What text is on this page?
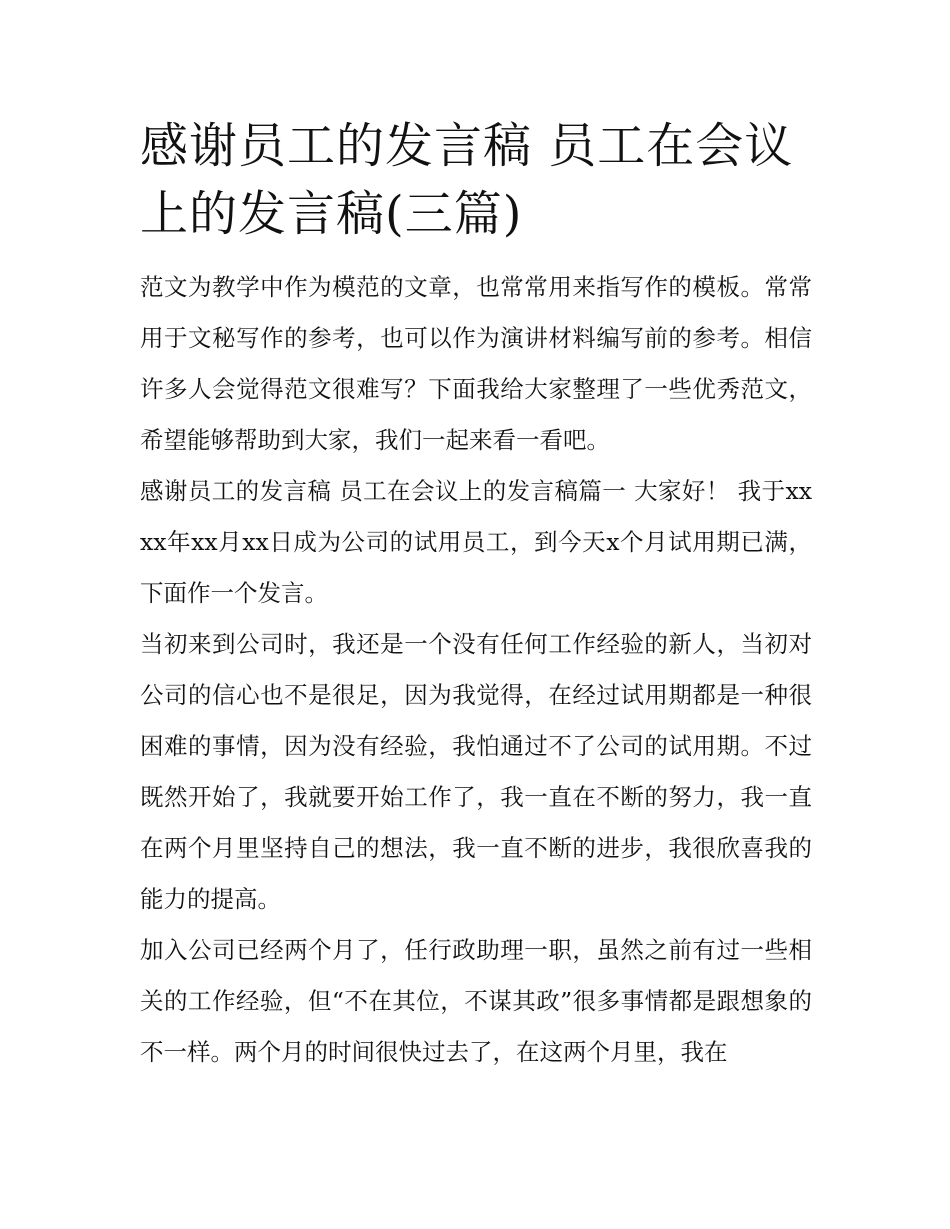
感谢员工的发言稿 员工在会议上的发言稿(三篇)

范文为教学中作为模范的文章，也常常用来指写作的模板。常常用于文秘写作的参考，也可以作为演讲材料编写前的参考。相信许多人会觉得范文很难写？下面我给大家整理了一些优秀范文，希望能够帮助到大家，我们一起来看一看吧。

感谢员工的发言稿 员工在会议上的发言稿篇一 大家好！ 我于xxxx年xx月xx日成为公司的试用员工，到今天x个月试用期已满，下面作一个发言。

当初来到公司时，我还是一个没有任何工作经验的新人，当初对公司的信心也不是很足，因为我觉得，在经过试用期都是一种很困难的事情，因为没有经验，我怕通过不了公司的试用期。不过既然开始了，我就要开始工作了，我一直在不断的努力，我一直在两个月里坚持自己的想法，我一直不断的进步，我很欣喜我的能力的提高。

加入公司已经两个月了，任行政助理一职，虽然之前有过一些相关的工作经验，但“不在其位，不谋其政”很多事情都是跟想象的不一样。两个月的时间很快过去了，在这两个月里，我在
